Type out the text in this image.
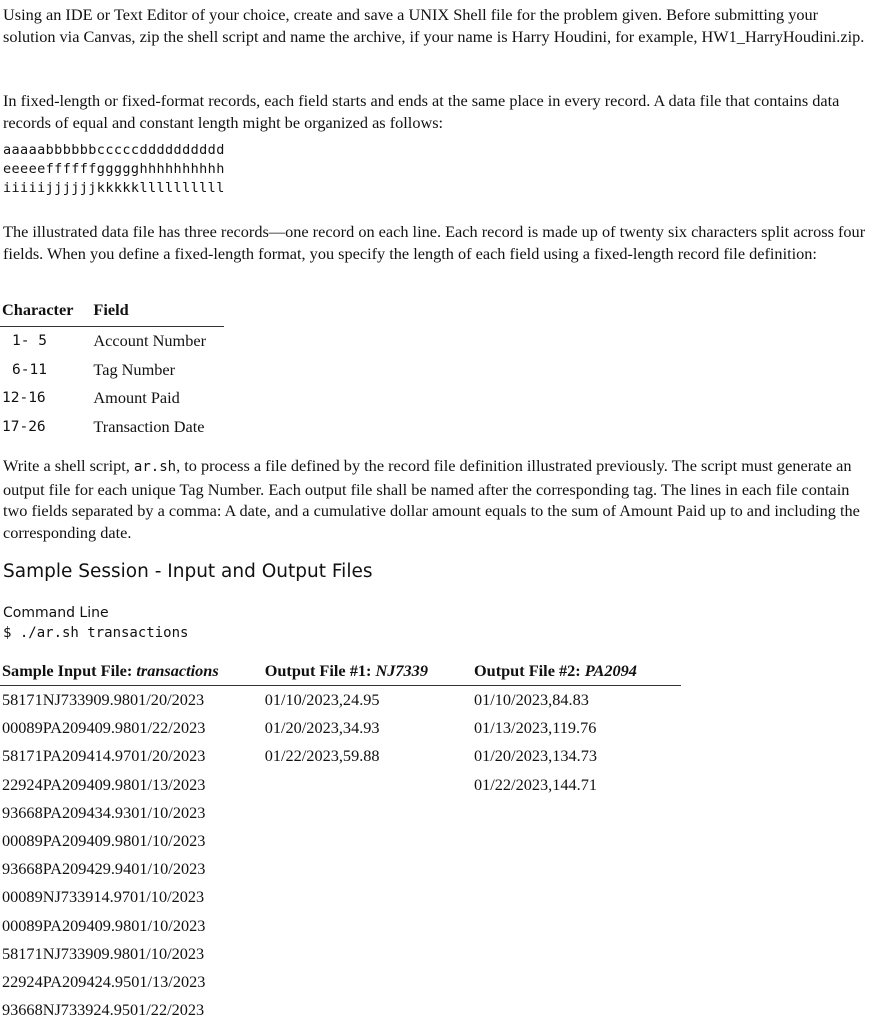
Using an IDE or Text Editor of your choice, create and save a UNIX Shell file for the problem given. Before submitting your solution via Canvas, zip the shell script and name the archive, if your name is Harry Houdini, for example, HW1_HarryHoudini.zip.
In fixed-length or fixed-format records, each field starts and ends at the same place in every record. A data file that contains data records of equal and constant length might be organized as follows:
aaaaabbbbbbcccccdddddddddd
eeeeeffffffggggghhhhhhhhhh
iiiiijjjjjjkkkkkllllllllll
The illustrated data file has three records—one record on each line. Each record is made up of twenty six characters split across four fields. When you define a fixed-length format, you specify the length of each field using a fixed-length record file definition:
Character	Field
1- 5	Account Number
6-11	Tag Number
12-16	Amount Paid
17-26	Transaction Date
Write a shell script, ar.sh, to process a file defined by the record file definition illustrated previously. The script must generate an output file for each unique Tag Number. Each output file shall be named after the corresponding tag. The lines in each file contain two fields separated by a comma: A date, and a cumulative dollar amount equals to the sum of Amount Paid up to and including the corresponding date.
Sample Session - Input and Output Files
Command Line
$ ./ar.sh transactions
Sample Input File: transactions	Output File #1: NJ7339	Output File #2: PA2094
58171NJ733909.9801/20/2023	01/10/2023,24.95	01/10/2023,84.83
00089PA209409.9801/22/2023	01/20/2023,34.93	01/13/2023,119.76
58171PA209414.9701/20/2023	01/22/2023,59.88	01/20/2023,134.73
22924PA209409.9801/13/2023		01/22/2023,144.71
93668PA209434.9301/10/2023		
00089PA209409.9801/10/2023		
93668PA209429.9401/10/2023		
00089NJ733914.9701/10/2023		
00089PA209409.9801/10/2023		
58171NJ733909.9801/10/2023		
22924PA209424.9501/13/2023		
93668NJ733924.9501/22/2023		
